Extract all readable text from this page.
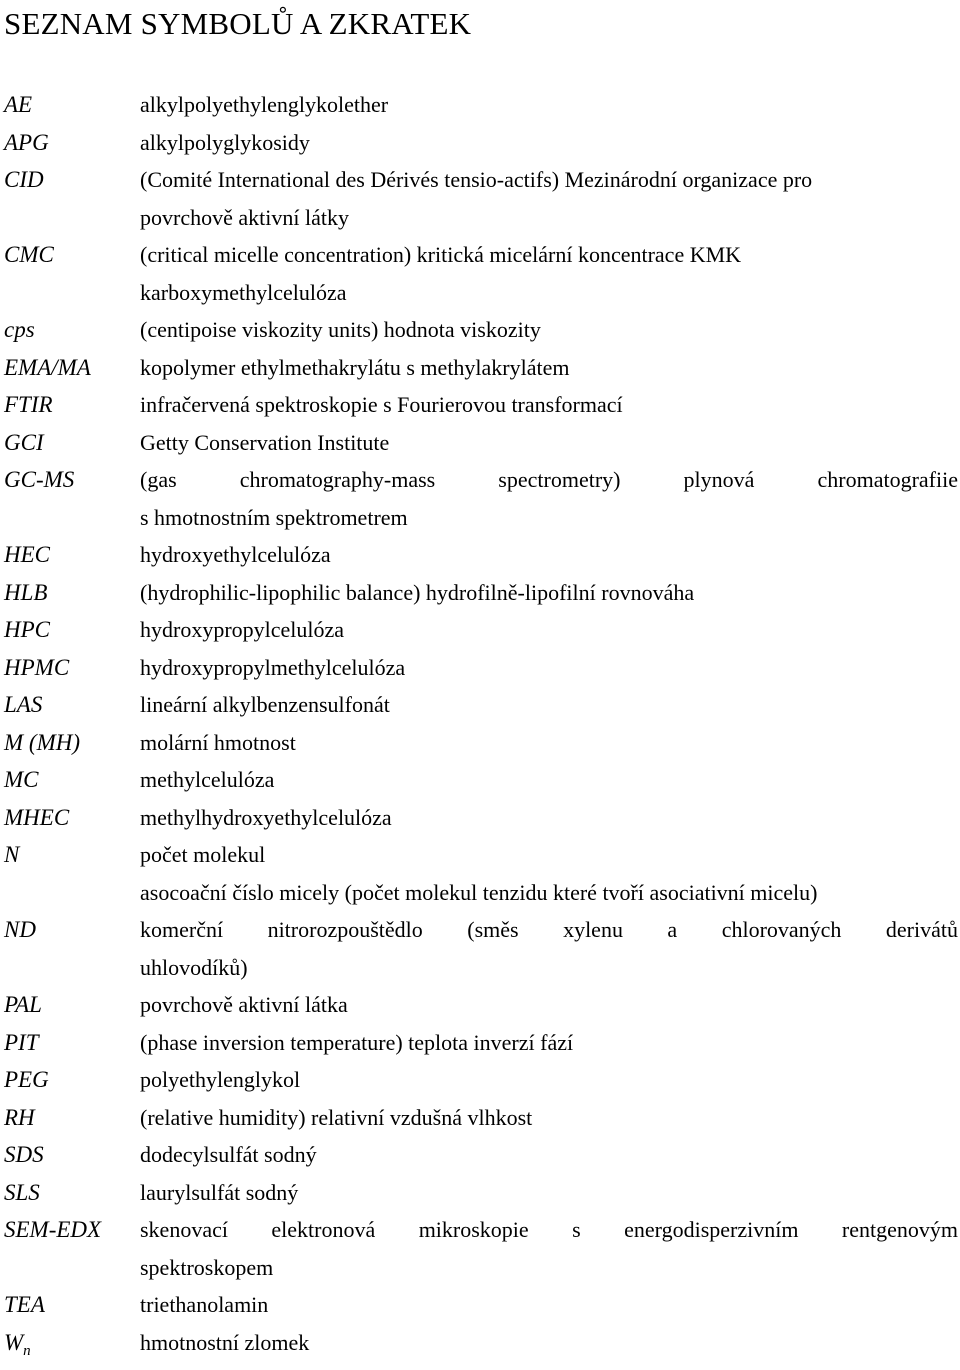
SEZNAM SYMBOLŮ A ZKRATEK
AE	alkylpolyethylenglykolether
APG	alkylpolyglykosidy
CID	(Comité International des Dérivés tensio-actifs) Mezinárodní organizace pro
povrchově aktivní látky
CMC	(critical micelle concentration) kritická micelární koncentrace KMK
karboxymethylcelulóza
cps	(centipoise viskozity units) hodnota viskozity
EMA/MA	kopolymer ethylmethakrylátu s methylakrylátem
FTIR	infračervená spektroskopie s Fourierovou transformací
GCI	Getty Conservation Institute
GC-MS	(gas chromatography-mass spectrometry) plynová chromatografiie
s hmotnostním spektrometrem
HEC	hydroxyethylcelulóza
HLB	(hydrophilic-lipophilic balance) hydrofilně-lipofilní rovnováha
HPC	hydroxypropylcelulóza
HPMC	hydroxypropylmethylcelulóza
LAS	lineární alkylbenzensulfonát
M (MH)	molární hmotnost
MC	methylcelulóza
MHEC	methylhydroxyethylcelulóza
N	počet molekul
asocoační číslo micely (počet molekul tenzidu které tvoří asociativní micelu)
ND	komerční nitrorozpouštědlo (směs xylenu a chlorovaných derivátů
uhlovodíků)
PAL	povrchově aktivní látka
PIT	(phase inversion temperature) teplota inverzí fází
PEG	polyethylenglykol
RH	(relative humidity) relativní vzdušná vlhkost
SDS	dodecylsulfát sodný
SLS	laurylsulfát sodný
SEM-EDX	skenovací elektronová mikroskopie s energodisperzivním rentgenovým
spektroskopem
TEA	triethanolamin
$W_n$	hmotnostní zlomek
